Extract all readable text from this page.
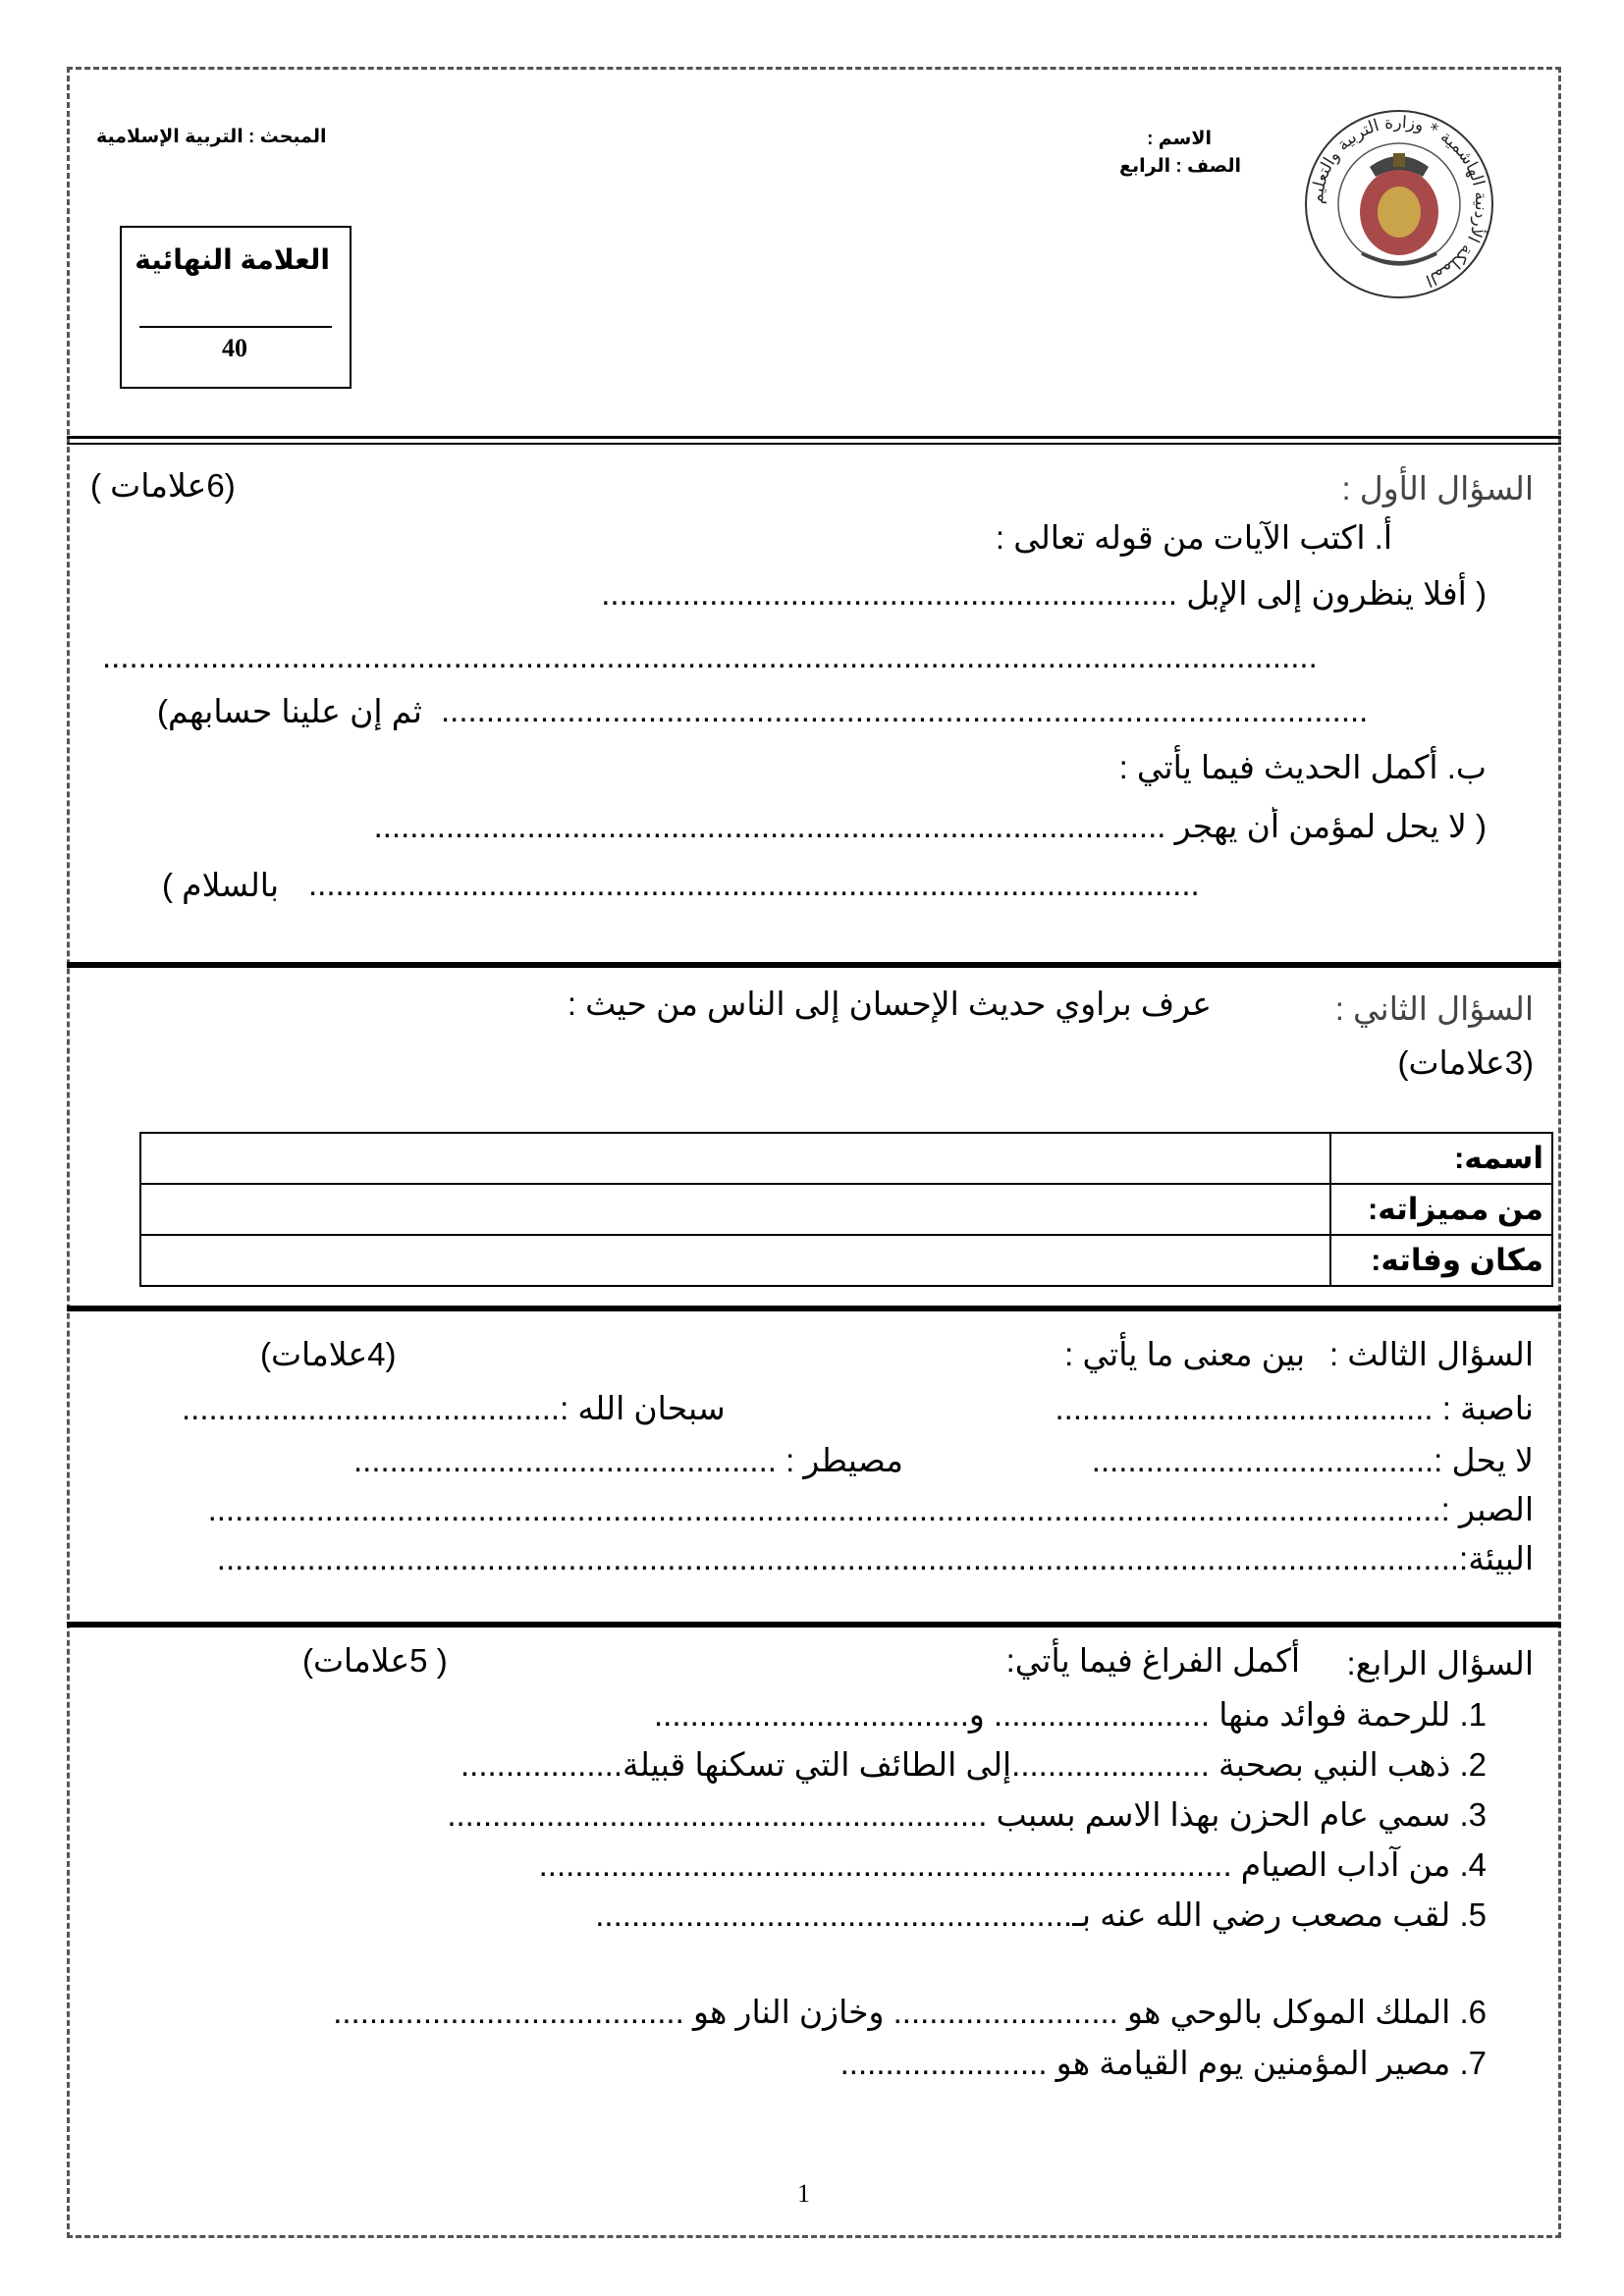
المملكة الأردنية الهاشمية * وزارة التربية والتعليم
الاسم :
الصف : الرابع
المبحث : التربية الإسلامية
العلامة النهائية
40
السؤال الأول :
(6علامات )
أ. اكتب الآيات من قوله تعالى :
( أفلا ينظرون إلى الإبل ................................................................
.......................................................................................................................................
ثم إن علينا حسابهم) .......................................................................................................
ب. أكمل الحديث فيما يأتي :
( لا يحل لمؤمن أن يهجر ........................................................................................
بالسلام ) ...................................................................................................
السؤال الثاني :
عرف براوي حديث الإحسان إلى الناس من حيث :
(3علامات)
	اسمه:
	من مميزاته:
	مكان وفاته:
السؤال الثالث :
بين معنى ما يأتي :
(4علامات)
ناصبة : ..........................................
سبحان الله :..........................................
لا يحل :......................................
مصيطر : ...............................................
الصبر :.........................................................................................................................................
البيئة:..........................................................................................................................................
السؤال الرابع:
أكمل الفراغ فيما يأتي:
( 5علامات)
1. للرحمة فوائد منها ........................ و...................................
2. ذهب النبي بصحبة ......................إلى الطائف التي تسكنها قبيلة..................
3. سمي عام الحزن بهذا الاسم بسبب ............................................................
4. من آداب الصيام .............................................................................
5. لقب مصعب رضي الله عنه بـ.....................................................
6. الملك الموكل بالوحي هو ......................... وخازن النار هو .......................................
7. مصير المؤمنين يوم القيامة هو .......................
1
